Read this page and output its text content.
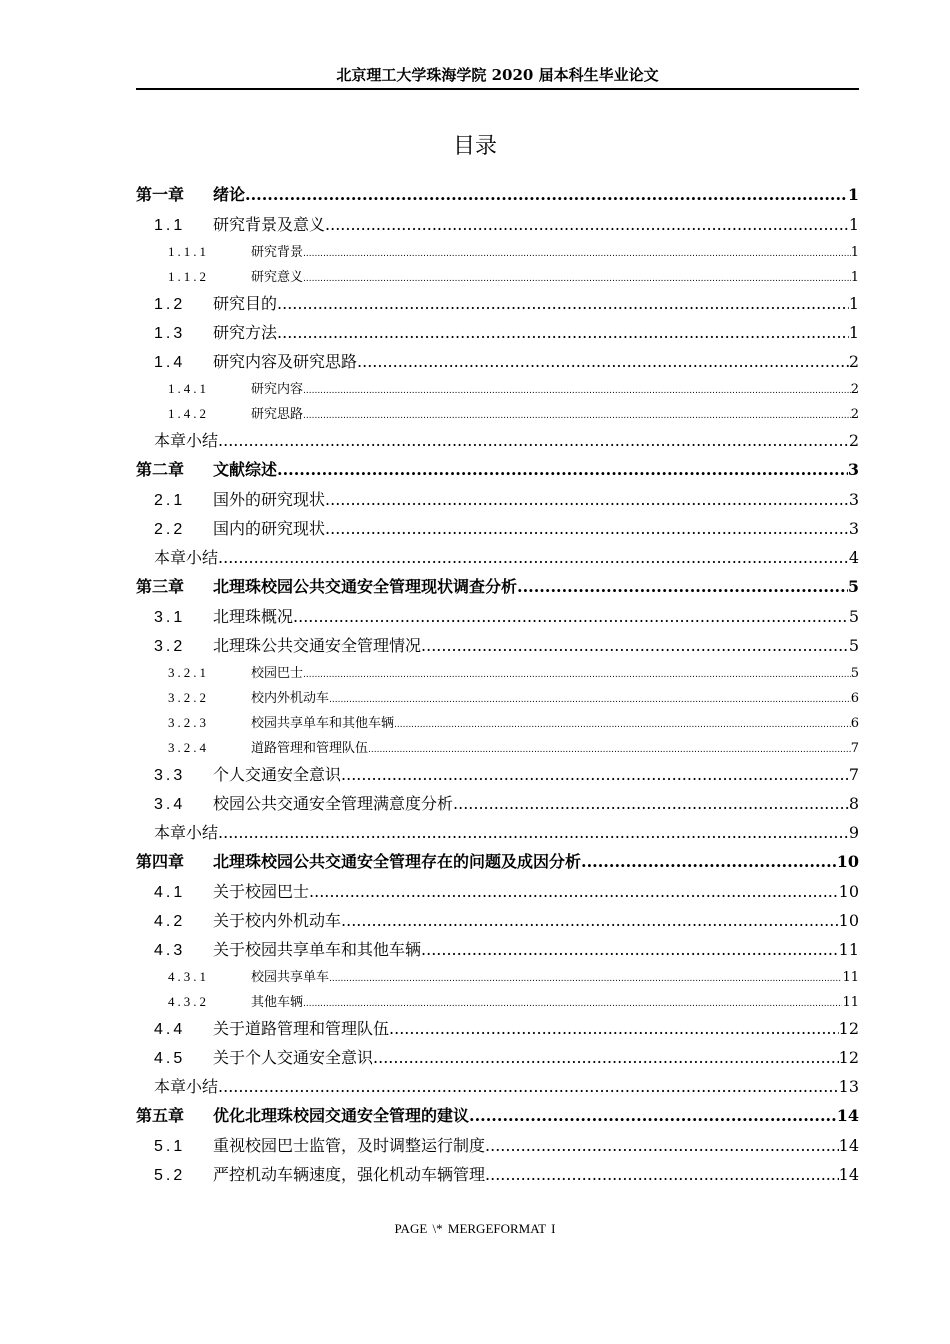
北京理工大学珠海学院 2020 届本科生毕业论文
目录
第一章	绪论 .....	1
1.1	研究背景及意义 .....	1
1.1.1	研究背景 .....	1
1.1.2	研究意义 .....	1
1.2	研究目的 .....	1
1.3	研究方法 .....	1
1.4	研究内容及研究思路 .....	2
1.4.1	研究内容 .....	2
1.4.2	研究思路 .....	2
本章小结 .....	2
第二章	文献综述 .....	3
2.1	国外的研究现状 .....	3
2.2	国内的研究现状 .....	3
本章小结 .....	4
第三章	北理珠校园公共交通安全管理现状调查分析 .....	5
3.1	北理珠概况 .....	5
3.2	北理珠公共交通安全管理情况 .....	5
3.2.1	校园巴士 .....	5
3.2.2	校内外机动车 .....	6
3.2.3	校园共享单车和其他车辆 .....	6
3.2.4	道路管理和管理队伍 .....	7
3.3	个人交通安全意识 .....	7
3.4	校园公共交通安全管理满意度分析 .....	8
本章小结 .....	9
第四章	北理珠校园公共交通安全管理存在的问题及成因分析 .....	10
4.1	关于校园巴士 .....	10
4.2	关于校内外机动车 .....	10
4.3	关于校园共享单车和其他车辆 .....	11
4.3.1	校园共享单车 .....	11
4.3.2	其他车辆 .....	11
4.4	关于道路管理和管理队伍 .....	12
4.5	关于个人交通安全意识 .....	12
本章小结 .....	13
第五章	优化北理珠校园交通安全管理的建议 .....	14
5.1	重视校园巴士监管，及时调整运行制度 .....	14
5.2	严控机动车辆速度，强化机动车辆管理 .....	14
PAGE \* MERGEFORMAT I
